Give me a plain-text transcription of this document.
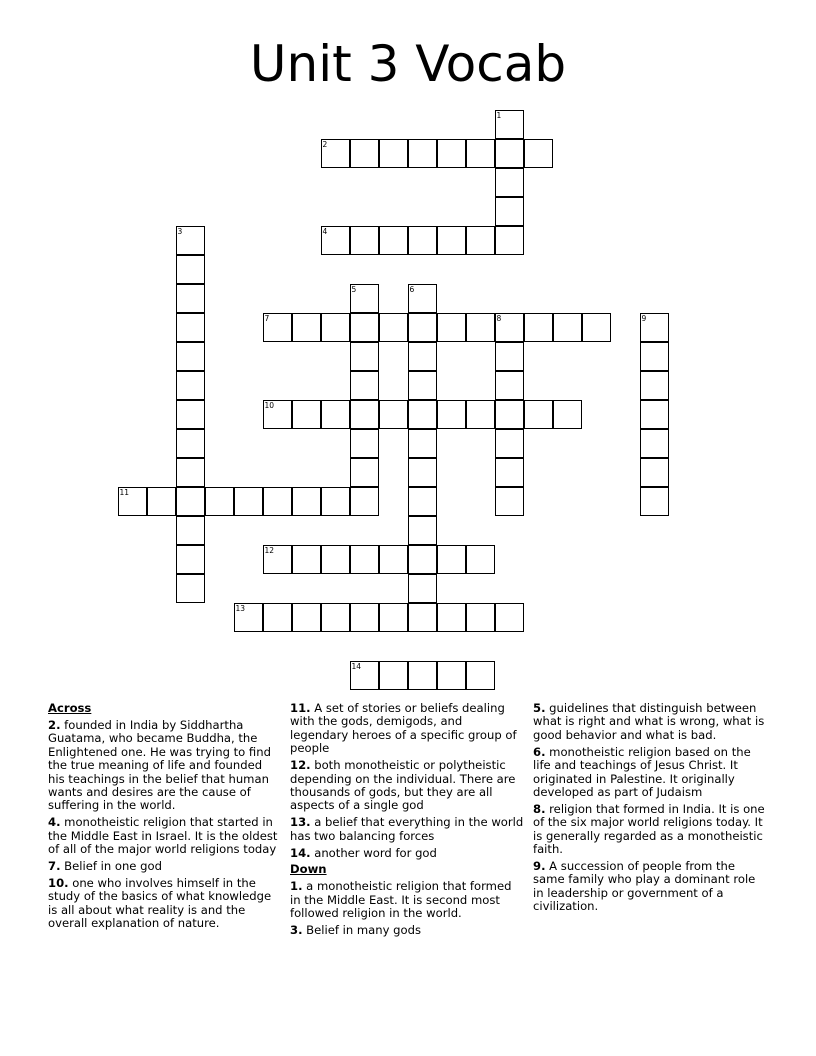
Unit 3 Vocab
1
2
3	4
5	6
7	8	9
10
11
12
13
14

Across

2. founded in India by Siddhartha Guatama, who became Buddha, the Enlightened one. He was trying to find the true meaning of life and founded his teachings in the belief that human wants and desires are the cause of suffering in the world.

4. monotheistic religion that started in the Middle East in Israel. It is the oldest of all of the major world religions today

7. Belief in one god

10. one who involves himself in the study of the basics of what knowledge is all about what reality is and the overall explanation of nature.

11. A set of stories or beliefs dealing with the gods, demigods, and legendary heroes of a specific group of people

12. both monotheistic or polytheistic depending on the individual. There are thousands of gods, but they are all aspects of a single god

13. a belief that everything in the world has two balancing forces

14. another word for god

Down

1. a monotheistic religion that formed in the Middle East. It is second most followed religion in the world.

3. Belief in many gods

5. guidelines that distinguish between what is right and what is wrong, what is good behavior and what is bad.

6. monotheistic religion based on the life and teachings of Jesus Christ. It originated in Palestine. It originally developed as part of Judaism

8. religion that formed in India. It is one of the six major world religions today. It is generally regarded as a monotheistic faith.

9. A succession of people from the same family who play a dominant role in leadership or government of a civilization.
